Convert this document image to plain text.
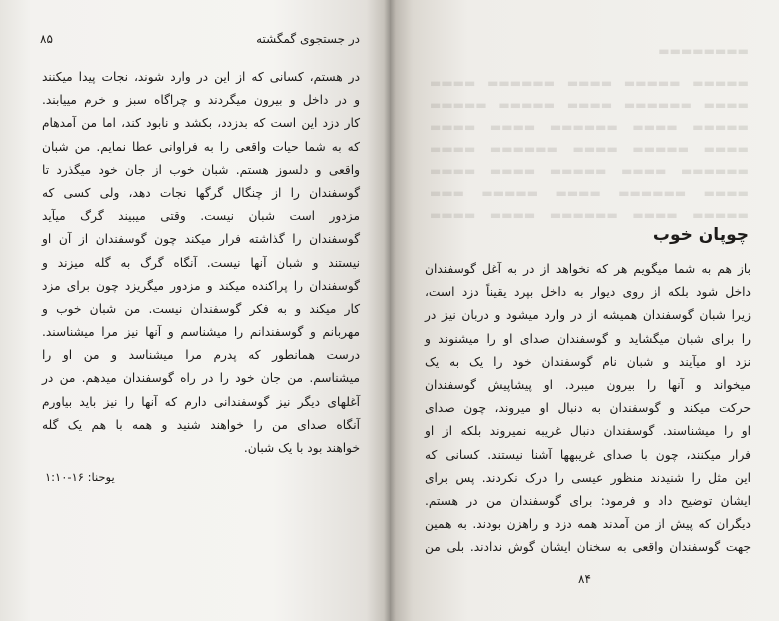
در جستجوی گمگشته
۸۵
در هستم، کسانی که از این در وارد شوند، نجات پیدا میکنند
و در داخل و بیرون میگردند و چراگاه سبز و خرم مییابند.
کار دزد این است که بدزدد، بکشد و نابود کند، اما من آمدهام
که به شما حیات واقعی را به فراوانی عطا نمایم. من شبان
واقعی و دلسوز هستم. شبان خوب از جان خود میگذرد تا
گوسفندان را از چنگال گرگها نجات دهد، ولی کسی که
مزدور است شبان نیست. وقتی میبیند گرگ میآید
گوسفندان را گذاشته فرار میکند چون گوسفندان از آن او
نیستند و شبان آنها نیست. آنگاه گرگ به گله میزند و
گوسفندان را پراکنده میکند و مزدور میگریزد چون برای مزد
کار میکند و به فکر گوسفندان نیست. من شبان خوب و
مهربانم و گوسفندانم را میشناسم و آنها نیز مرا میشناسند.
درست همانطور که پدرم مرا میشناسد و من او را
میشناسم. من جان خود را در راه گوسفندان میدهم. من در
آغلهای دیگر نیز گوسفندانی دارم که آنها را نیز باید بیاورم
آنگاه صدای من را خواهند شنید و همه با هم یک گله
خواهند بود با یک شبان.
یوحنا: ۱۶-۱:۱۰
▬▬▬▬▬▬▬▬
▬▬▬▬▬ ▬▬▬▬▬ ▬▬▬▬ ▬▬▬▬▬▬ ▬▬▬▬
▬▬▬▬ ▬▬▬▬▬▬ ▬▬▬▬ ▬▬▬▬▬ ▬▬▬▬▬
▬▬▬▬▬ ▬▬▬▬ ▬▬▬▬▬▬ ▬▬▬▬ ▬▬▬▬
▬▬▬▬ ▬▬▬▬▬ ▬▬▬▬ ▬▬▬▬▬▬ ▬▬▬▬
▬▬▬▬▬▬ ▬▬▬▬ ▬▬▬▬▬ ▬▬▬▬ ▬▬▬▬
▬▬▬▬ ▬▬▬▬▬▬ ▬▬▬▬ ▬▬▬▬▬ ▬▬▬
▬▬▬▬▬ ▬▬▬▬ ▬▬▬▬▬▬ ▬▬▬▬ ▬▬▬▬
چوپان خوب
باز هم به شما میگویم هر که نخواهد از در به آغل گوسفندان
داخل شود بلکه از روی دیوار به داخل بپرد یقیناً دزد است،
زیرا شبان گوسفندان همیشه از در وارد میشود و دربان نیز در
را برای شبان میگشاید و گوسفندان صدای او را میشنوند و
نزد او میآیند و شبان نام گوسفندان خود را یک به یک
میخواند و آنها را بیرون میبرد. او پیشاپیش گوسفندان
حرکت میکند و گوسفندان به دنبال او میروند، چون صدای
او را میشناسند. گوسفندان دنبال غریبه نمیروند بلکه از او
فرار میکنند، چون با صدای غریبهها آشنا نیستند. کسانی که
این مثل را شنیدند منظور عیسی را درک نکردند. پس برای
ایشان توضیح داد و فرمود: برای گوسفندان من در هستم.
دیگران که پیش از من آمدند همه دزد و راهزن بودند. به همین
جهت گوسفندان واقعی به سخنان ایشان گوش ندادند. بلی من
۸۴
